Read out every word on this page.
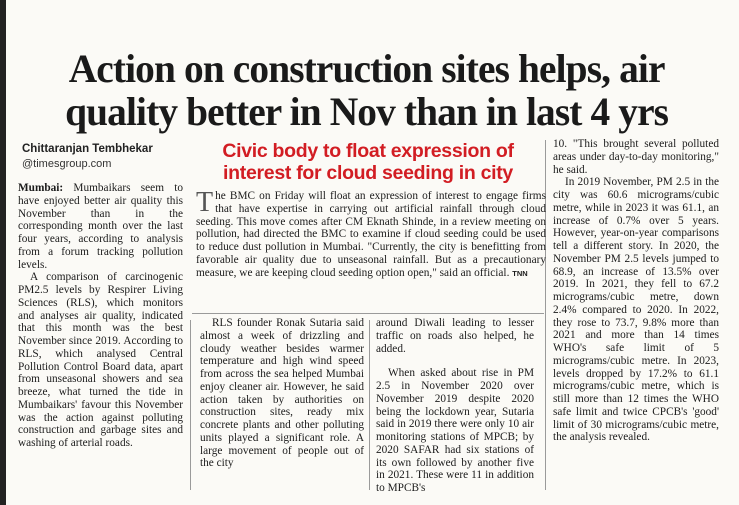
Action on construction sites helps, air
quality better in Nov than in last 4 yrs
Chittaranjan Tembhekar
@timesgroup.com

Mumbai: Mumbaikars seem to have enjoyed better air quality this November than in the corresponding month over the last four years, according to analysis from a forum tracking pollution levels.

A comparison of carcinogenic PM2.5 levels by Respirer Living Sciences (RLS), which monitors and analyses air quality, indicated that this month was the best November since 2019. According to RLS, which analysed Central Pollution Control Board data, apart from unseasonal showers and sea breeze, what turned the tide in Mumbaikars' favour this November was the action against polluting construction and garbage sites and washing of arterial roads.

Civic body to float expression of
interest for cloud seeding in city
The BMC on Friday will float an expression of interest to engage firms that have expertise in carrying out artificial rainfall through cloud seeding. This move comes after CM Eknath Shinde, in a review meeting on pollution, had directed the BMC to examine if cloud seeding could be used to reduce dust pollution in Mumbai. "Currently, the city is benefitting from favorable air quality due to unseasonal rainfall. But as a precautionary measure, we are keeping cloud seeding option open," said an official. TNN

RLS founder Ronak Sutaria said almost a week of drizzling and cloudy weather besides warmer temperature and high wind speed from across the sea helped Mumbai enjoy cleaner air. However, he said action taken by authorities on construction sites, ready mix concrete plants and other polluting units played a significant role. A large movement of people out of the city

around Diwali leading to lesser traffic on roads also helped, he added.

When asked about rise in PM 2.5 in November 2020 over November 2019 despite 2020 being the lockdown year, Sutaria said in 2019 there were only 10 air monitoring stations of MPCB; by 2020 SAFAR had six stations of its own followed by another five in 2021. These were 11 in addition to MPCB's

10. "This brought several polluted areas under day-to-day monitoring," he said.

In 2019 November, PM 2.5 in the city was 60.6 micrograms/cubic metre, while in 2023 it was 61.1, an increase of 0.7% over 5 years. However, year-on-year comparisons tell a different story. In 2020, the November PM 2.5 levels jumped to 68.9, an increase of 13.5% over 2019. In 2021, they fell to 67.2 micrograms/cubic metre, down 2.4% compared to 2020. In 2022, they rose to 73.7, 9.8% more than 2021 and more than 14 times WHO's safe limit of 5 micrograms/cubic metre. In 2023, levels dropped by 17.2% to 61.1 micrograms/cubic metre, which is still more than 12 times the WHO safe limit and twice CPCB's 'good' limit of 30 micrograms/cubic metre, the analysis revealed.
